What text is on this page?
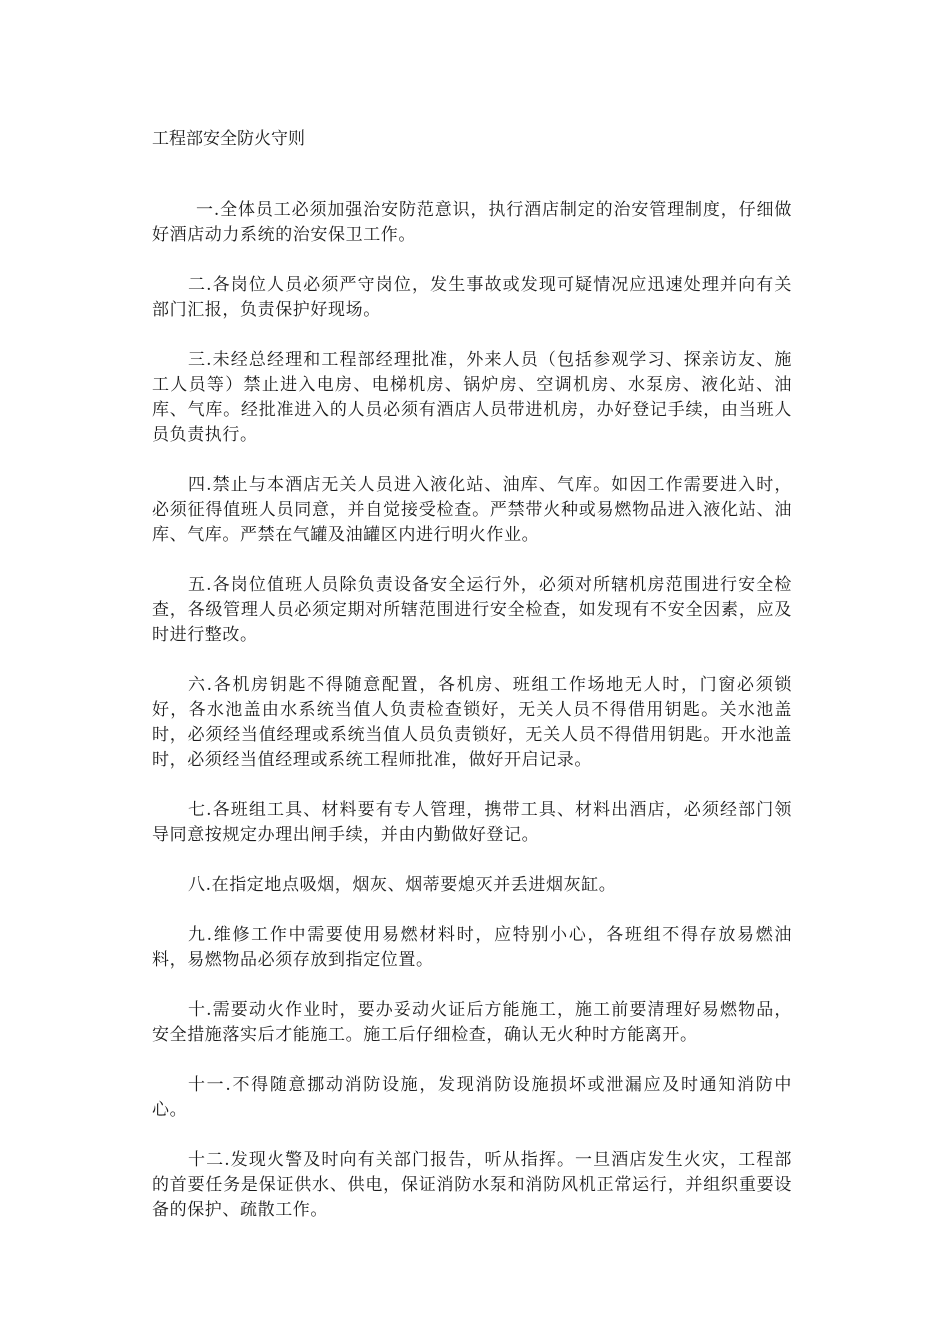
工程部安全防火守则

一.全体员工必须加强治安防范意识，执行酒店制定的治安管理制度，仔细做好酒店动力系统的治安保卫工作。

二.各岗位人员必须严守岗位，发生事故或发现可疑情况应迅速处理并向有关部门汇报，负责保护好现场。

三.未经总经理和工程部经理批准，外来人员（包括参观学习、探亲访友、施工人员等）禁止进入电房、电梯机房、锅炉房、空调机房、水泵房、液化站、油库、气库。经批准进入的人员必须有酒店人员带进机房，办好登记手续，由当班人员负责执行。

四.禁止与本酒店无关人员进入液化站、油库、气库。如因工作需要进入时，必须征得值班人员同意，并自觉接受检查。严禁带火种或易燃物品进入液化站、油库、气库。严禁在气罐及油罐区内进行明火作业。

五.各岗位值班人员除负责设备安全运行外，必须对所辖机房范围进行安全检查，各级管理人员必须定期对所辖范围进行安全检查，如发现有不安全因素，应及时进行整改。

六.各机房钥匙不得随意配置，各机房、班组工作场地无人时，门窗必须锁好，各水池盖由水系统当值人负责检查锁好，无关人员不得借用钥匙。关水池盖时，必须经当值经理或系统当值人员负责锁好，无关人员不得借用钥匙。开水池盖时，必须经当值经理或系统工程师批准，做好开启记录。

七.各班组工具、材料要有专人管理，携带工具、材料出酒店，必须经部门领导同意按规定办理出闸手续，并由内勤做好登记。

八.在指定地点吸烟，烟灰、烟蒂要熄灭并丢进烟灰缸。

九.维修工作中需要使用易燃材料时，应特别小心，各班组不得存放易燃油料，易燃物品必须存放到指定位置。

十.需要动火作业时，要办妥动火证后方能施工，施工前要清理好易燃物品，安全措施落实后才能施工。施工后仔细检查，确认无火种时方能离开。

十一.不得随意挪动消防设施，发现消防设施损坏或泄漏应及时通知消防中心。

十二.发现火警及时向有关部门报告，听从指挥。一旦酒店发生火灾，工程部的首要任务是保证供水、供电，保证消防水泵和消防风机正常运行，并组织重要设备的保护、疏散工作。
